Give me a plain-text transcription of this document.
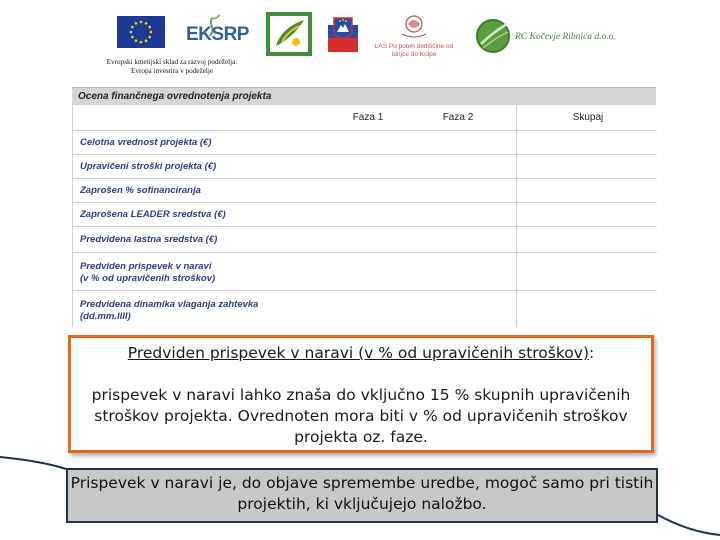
EKSRP
LAS Po poteh dediščine od Idrijce do Kolpe
RC Kočevje Ribnica d.o.o.
Evropski kmetijski sklad za razvoj podeželja:
Evropa investira v podeželje
Ocena finančnega ovrednotenja projekta
Faza 1	Faza 2	Skupaj
Celotna vrednost projekta (€)
Upravičeni stroški projekta (€)
Zaprošen % sofinanciranja
Zaprošena LEADER sredstva (€)
Predvidena lastna sredstva (€)
Predviden prispevek v naravi
(v % od upravičenih stroškov)
Predvidena dinamika vlaganja zahtevka
(dd.mm.llll)
Predviden prispevek v naravi (v % od upravičenih stroškov):
prispevek v naravi lahko znaša do vključno 15 % skupnih upravičenih stroškov projekta. Ovrednoten mora biti v % od upravičenih stroškov projekta oz. faze.
Prispevek v naravi je, do objave spremembe uredbe, mogoč samo pri tistih projektih, ki vključujejo naložbo.
